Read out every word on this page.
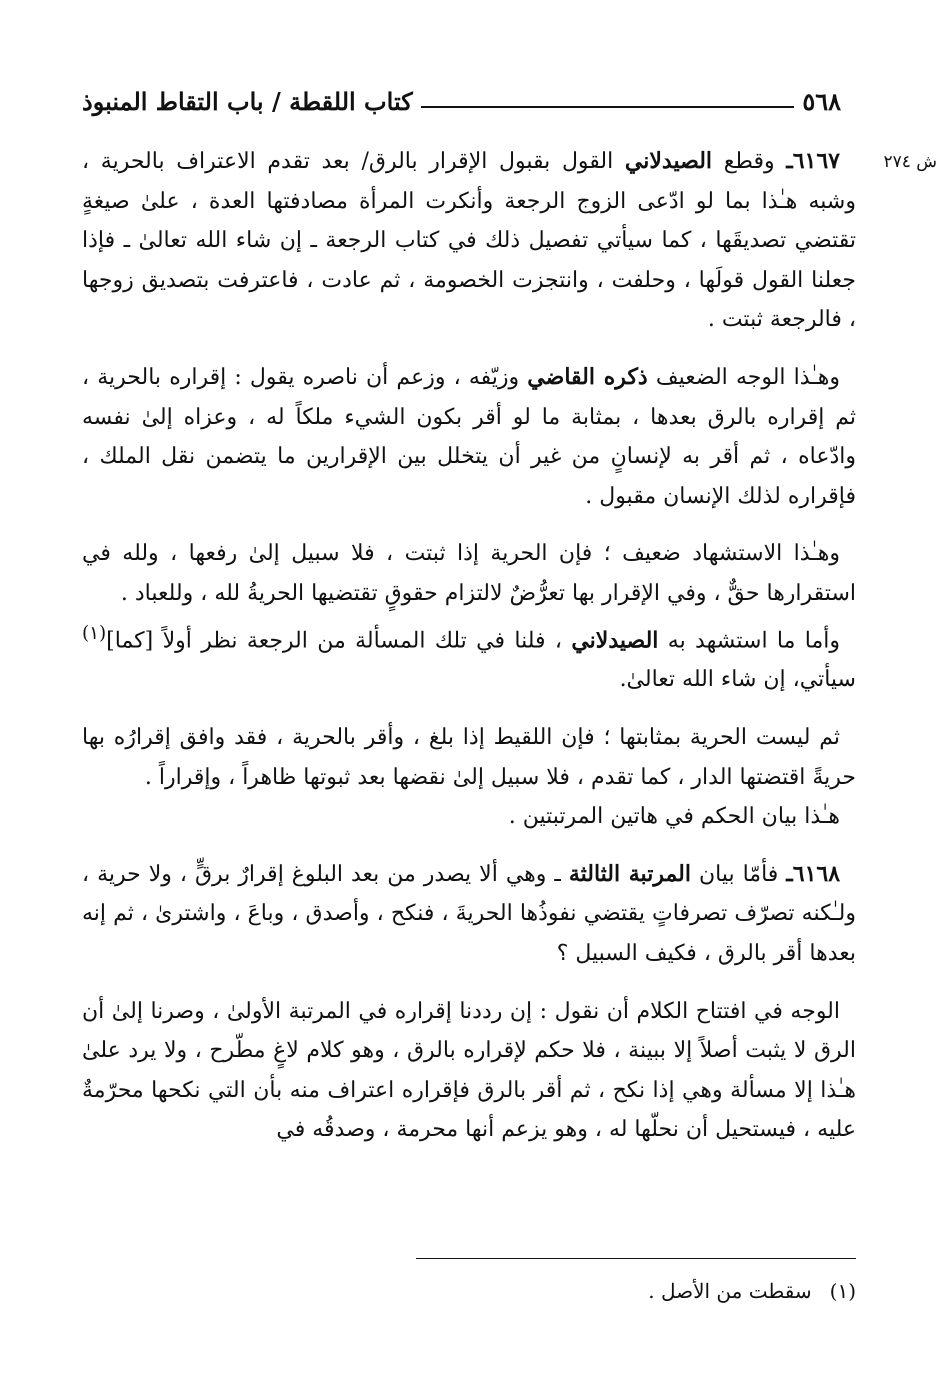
٥٦٨
كتاب اللقطة / باب التقاط المنبوذ
ش ٢٧٤

٦١٦٧ـ وقطع الصيدلاني القول بقبول الإقرار بالرق/ بعد تقدم الاعتراف بالحرية ، وشبه هـٰذا بما لو ادّعى الزوج الرجعة وأنكرت المرأة مصادفتها العدة ، علىٰ صيغةٍ تقتضي تصديقَها ، كما سيأتي تفصيل ذلك في كتاب الرجعة ـ إن شاء الله تعالىٰ ـ فإذا جعلنا القول قولَها ، وحلفت ، وانتجزت الخصومة ، ثم عادت ، فاعترفت بتصديق زوجها ، فالرجعة ثبتت .

وهـٰذا الوجه الضعيف ذكره القاضي وزيّفه ، وزعم أن ناصره يقول : إقراره بالحرية ، ثم إقراره بالرق بعدها ، بمثابة ما لو أقر بكون الشيء ملكاً له ، وعزاه إلىٰ نفسه وادّعاه ، ثم أقر به لإنسانٍ من غير أن يتخلل بين الإقرارين ما يتضمن نقل الملك ، فإقراره لذلك الإنسان مقبول .

وهـٰذا الاستشهاد ضعيف ؛ فإن الحرية إذا ثبتت ، فلا سبيل إلىٰ رفعها ، ولله في استقرارها حقٌّ ، وفي الإقرار بها تعرُّضٌ لالتزام حقوقٍ تقتضيها الحريةُ لله ، وللعباد .

وأما ما استشهد به الصيدلاني ، فلنا في تلك المسألة من الرجعة نظر أولاً [كما]$^{(١)}$ سيأتي، إن شاء الله تعالىٰ.

ثم ليست الحرية بمثابتها ؛ فإن اللقيط إذا بلغ ، وأقر بالحرية ، فقد وافق إقرارُه بها حريةً اقتضتها الدار ، كما تقدم ، فلا سبيل إلىٰ نقضها بعد ثبوتها ظاهراً ، وإقراراً .

هـٰذا بيان الحكم في هاتين المرتبتين .

٦١٦٨ـ فأمّا بيان المرتبة الثالثة ـ وهي ألا يصدر من بعد البلوغ إقرارٌ برقٍّ ، ولا حرية ، ولـٰكنه تصرّف تصرفاتٍ يقتضي نفوذُها الحريةَ ، فنكح ، وأصدق ، وباعَ ، واشترىٰ ، ثم إنه بعدها أقر بالرق ، فكيف السبيل ؟

الوجه في افتتاح الكلام أن نقول : إن رددنا إقراره في المرتبة الأولىٰ ، وصرنا إلىٰ أن الرق لا يثبت أصلاً إلا ببينة ، فلا حكم لإقراره بالرق ، وهو كلام لاغٍ مطّرح ، ولا يرد علىٰ هـٰذا إلا مسألة وهي إذا نكح ، ثم أقر بالرق فإقراره اعتراف منه بأن التي نكحها محرّمةٌ عليه ، فيستحيل أن نحلّها له ، وهو يزعم أنها محرمة ، وصدقُه في

(١)سقطت من الأصل .
